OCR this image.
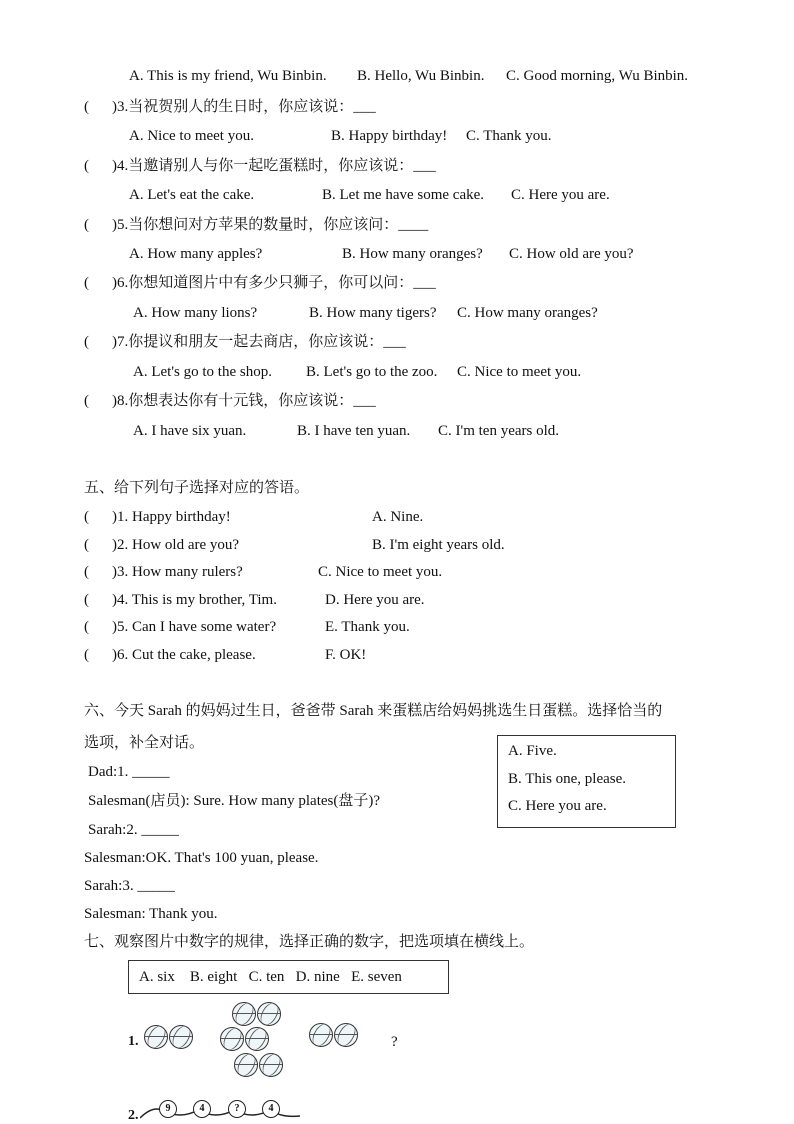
A. This is my friend, Wu Binbin. B. Hello, Wu Binbin. C. Good morning, Wu Binbin.
( )3.当祝贺别人的生日时，你应该说：___
A. Nice to meet you.	B. Happy birthday! C. Thank you.
( )4.当邀请别人与你一起吃蛋糕时，你应该说：___
A. Let's eat the cake.	B. Let me have some cake. C. Here you are.
( )5.当你想问对方苹果的数量时，你应该问：____
A. How many apples?	B. How many oranges? C. How old are you?
( )6.你想知道图片中有多少只狮子，你可以问：___
A. How many lions?	B. How many tigers? C. How many oranges?
( )7.你提议和朋友一起去商店，你应该说：___
A. Let's go to the shop. B. Let's go to the zoo. C. Nice to meet you.
( )8.你想表达你有十元钱，你应该说：___
A. I have six yuan.	B. I have ten yuan. C. I'm ten years old.
五、给下列句子选择对应的答语。
( )1. Happy birthday!	A. Nine.
( )2. How old are you?	B. I'm eight years old.
( )3. How many rulers?	C. Nice to meet you.
( )4. This is my brother, Tim.	D. Here you are.
( )5. Can I have some water?	E. Thank you.
( )6. Cut the cake, please.	F. OK!
六、今天 Sarah 的妈妈过生日，爸爸带 Sarah 来蛋糕店给妈妈挑选生日蛋糕。选择恰当的
选项，补全对话。	A. Five.
B. This one, please.
C. Here you are.
Dad:1. _____
Salesman(店员): Sure. How many plates(盘子)?
Sarah:2. _____
Salesman:OK. That's 100 yuan, please.
Sarah:3. _____
Salesman: Thank you.
七、观察图片中数字的规律，选择正确的数字，把选项填在横线上。
A. six    B. eight   C. ten   D. nine   E. seven
1.	?
2.	9	4	?	4
